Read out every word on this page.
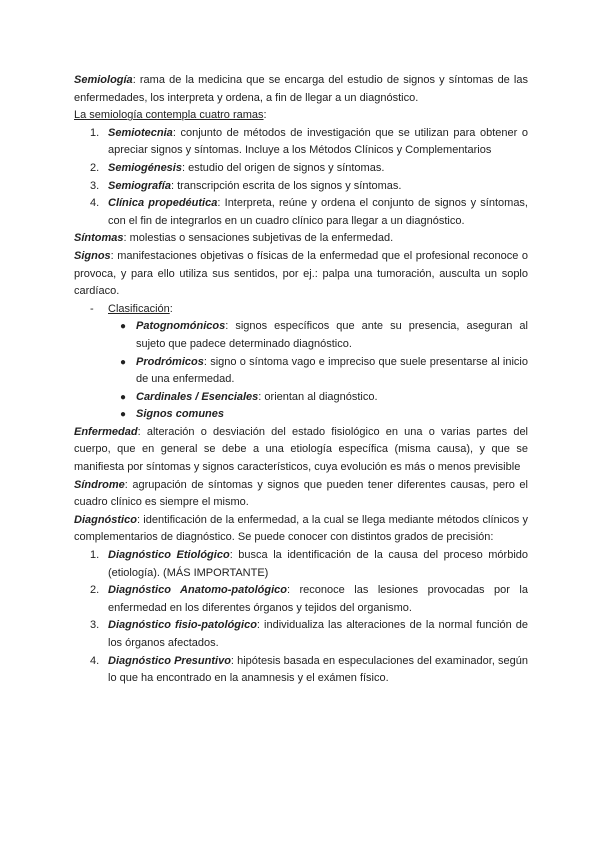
Semiología: rama de la medicina que se encarga del estudio de signos y síntomas de las enfermedades, los interpreta y ordena, a fin de llegar a un diagnóstico.

La semiología contempla cuatro ramas:

1. Semiotecnia: conjunto de métodos de investigación que se utilizan para obtener o apreciar signos y síntomas. Incluye a los Métodos Clínicos y Complementarios
2. Semiogénesis: estudio del origen de signos y síntomas.
3. Semiografía: transcripción escrita de los signos y síntomas.
4. Clínica propedéutica: Interpreta, reúne y ordena el conjunto de signos y síntomas, con el fin de integrarlos en un cuadro clínico para llegar a un diagnóstico.

Síntomas: molestias o sensaciones subjetivas de la enfermedad.

Signos: manifestaciones objetivas o físicas de la enfermedad que el profesional reconoce o provoca, y para ello utiliza sus sentidos, por ej.: palpa una tumoración, ausculta un soplo cardíaco.

- Clasificación:
● Patognomónicos: signos específicos que ante su presencia, aseguran al sujeto que padece determinado diagnóstico.
● Prodrómicos: signo o síntoma vago e impreciso que suele presentarse al inicio de una enfermedad.
● Cardinales / Esenciales: orientan al diagnóstico.
● Signos comunes

Enfermedad: alteración o desviación del estado fisiológico en una o varias partes del cuerpo, que en general se debe a una etiología específica (misma causa), y que se manifiesta por síntomas y signos característicos, cuya evolución es más o menos previsible

Síndrome: agrupación de síntomas y signos que pueden tener diferentes causas, pero el cuadro clínico es siempre el mismo.

Diagnóstico: identificación de la enfermedad, a la cual se llega mediante métodos clínicos y complementarios de diagnóstico. Se puede conocer con distintos grados de precisión:

1. Diagnóstico Etiológico: busca la identificación de la causa del proceso mórbido (etiología). (MÁS IMPORTANTE)
2. Diagnóstico Anatomo-patológico: reconoce las lesiones provocadas por la enfermedad en los diferentes órganos y tejidos del organismo.
3. Diagnóstico fisio-patológico: individualiza las alteraciones de la normal función de los órganos afectados.
4. Diagnóstico Presuntivo: hipótesis basada en especulaciones del examinador, según lo que ha encontrado en la anamnesis y el exámen físico.
